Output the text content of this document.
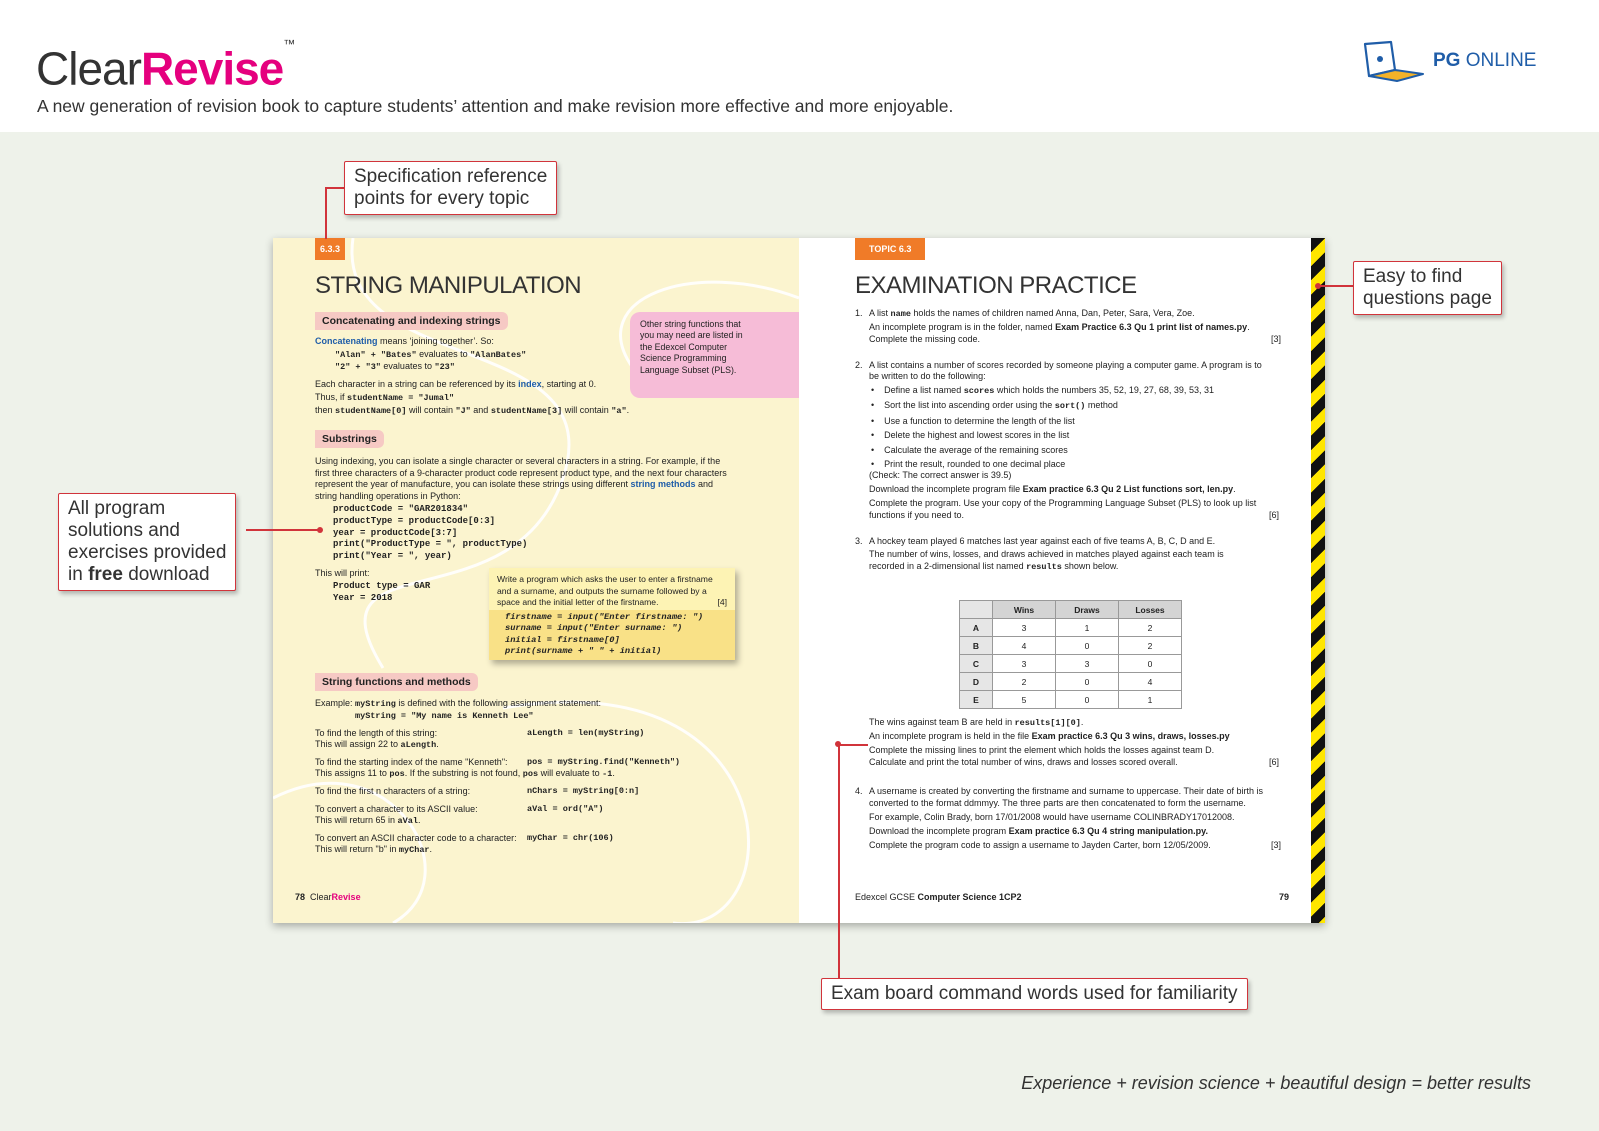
ClearRevise™
A new generation of revision book to capture students’ attention and make revision more effective and more enjoyable.
PG ONLINE
6.3.3
STRING MANIPULATION
Concatenating and indexing strings
Concatenating means ‘joining together’. So:
"Alan" + "Bates" evaluates to "AlanBates"
"2" + "3" evaluates to "23"
Each character in a string can be referenced by its index, starting at 0.
Thus, if studentName = "Jumal"
then studentName[0] will contain "J" and studentName[3] will contain "a".
Other string functions that you may need are listed in the Edexcel Computer Science Programming Language Subset (PLS).
Substrings
Using indexing, you can isolate a single character or several characters in a string. For example, if the
first three characters of a 9-character product code represent product type, and the next four characters
represent the year of manufacture, you can isolate these strings using different string methods and
string handling operations in Python:
productCode = "GAR201834"
productType = productCode[0:3]
year = productCode[3:7]
print("ProductType = ", productType)
print("Year = ", year)
This will print:
Product type = GAR
Year = 2018
Write a program which asks the user to enter a firstname
and a surname, and outputs the surname followed by a
space and the initial letter of the firstname.	[4]
firstname = input("Enter firstname: ")
surname = input("Enter surname: ")
initial = firstname[0]
print(surname + " " + initial)
String functions and methods
Example: myString is defined with the following assignment statement:
myString = "My name is Kenneth Lee"
To find the length of this string:
This will assign 22 to aLength.
aLength = len(myString)
To find the starting index of the name "Kenneth":
This assigns 11 to pos. If the substring is not found, pos will evaluate to -1.
pos = myString.find("Kenneth")
To find the first n characters of a string:	nChars = myString[0:n]
To convert a character to its ASCII value:
This will return 65 in aVal.
aVal = ord("A")
To convert an ASCII character code to a character:
This will return "b" in myChar.
myChar = chr(106)
78 ClearRevise
TOPIC 6.3
EXAMINATION PRACTICE
1. A list name holds the names of children named Anna, Dan, Peter, Sara, Vera, Zoe.
An incomplete program is in the folder, named Exam Practice 6.3 Qu 1 print list of names.py.
Complete the missing code.	[3]
2. A list contains a number of scores recorded by someone playing a computer game. A program is to
be written to do the following:
•    Define a list named scores which holds the numbers 35, 52, 19, 27, 68, 39, 53, 31
•    Sort the list into ascending order using the sort() method
•    Use a function to determine the length of the list
•    Delete the highest and lowest scores in the list
•    Calculate the average of the remaining scores
•    Print the result, rounded to one decimal place
(Check: The correct answer is 39.5)
Download the incomplete program file Exam practice 6.3 Qu 2 List functions sort, len.py.
Complete the program. Use your copy of the Programming Language Subset (PLS) to look up list
functions if you need to.	[6]
3. A hockey team played 6 matches last year against each of five teams A, B, C, D and E.
The number of wins, losses, and draws achieved in matches played against each team is
recorded in a 2-dimensional list named results shown below.
	Wins	Draws	Losses
A	3	1	2
B	4	0	2
C	3	3	0
D	2	0	4
E	5	0	1
The wins against team B are held in results[1][0].
An incomplete program is held in the file Exam practice 6.3 Qu 3 wins, draws, losses.py
Complete the missing lines to print the element which holds the losses against team D.
Calculate and print the total number of wins, draws and losses scored overall.	[6]
4. A username is created by converting the firstname and surname to uppercase. Their date of birth is
converted to the format ddmmyy. The three parts are then concatenated to form the username.
For example, Colin Brady, born 17/01/2008 would have username COLINBRADY17012008.
Download the incomplete program Exam practice 6.3 Qu 4 string manipulation.py.
Complete the program code to assign a username to Jayden Carter, born 12/05/2009.	[3]
Edexcel GCSE Computer Science 1CP2	79
Specification reference
points for every topic
All program
solutions and
exercises provided
in free download
Easy to find
questions page
Exam board command words used for familiarity
Experience + revision science + beautiful design = better results
